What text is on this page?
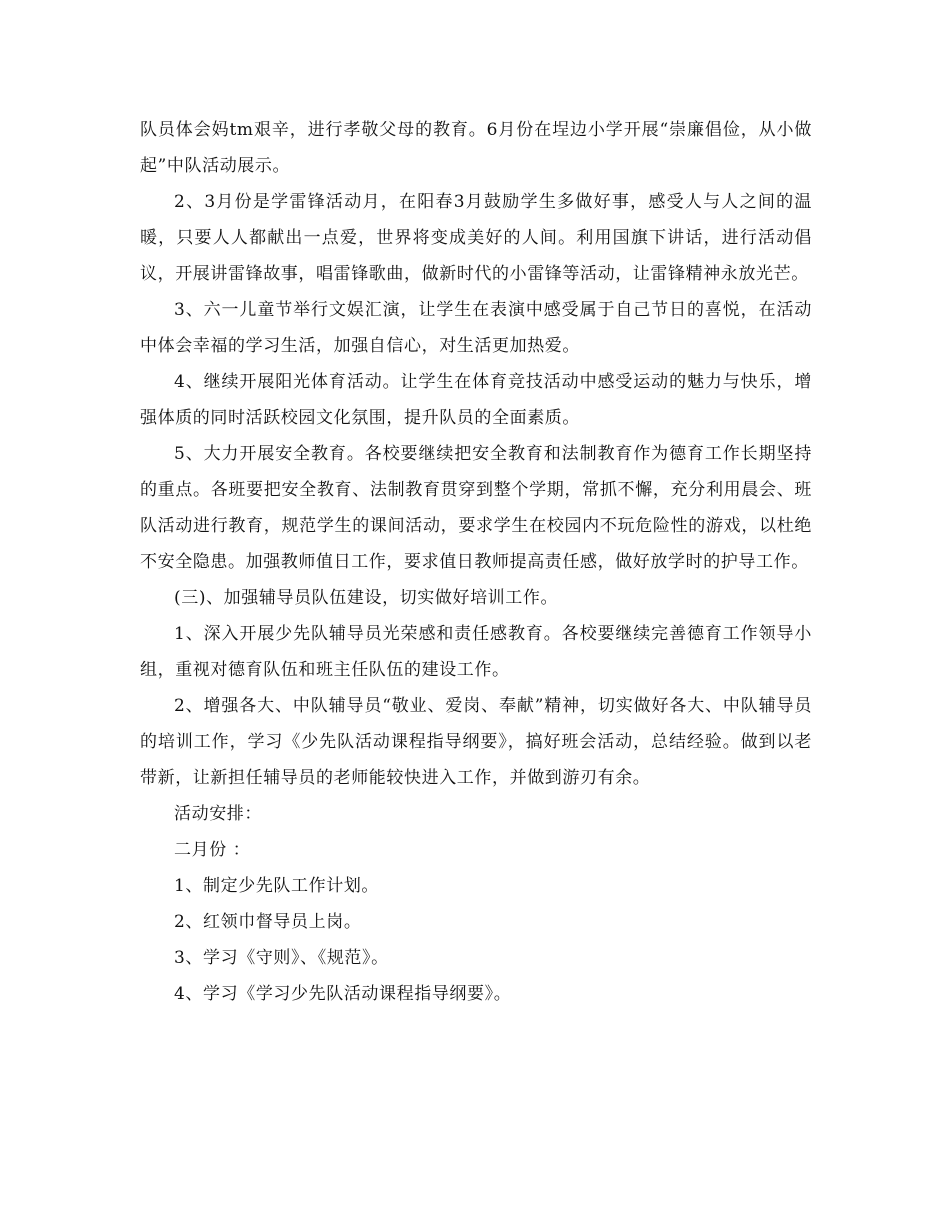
队员体会妈tm艰辛，进行孝敬父母的教育。6月份在埕边小学开展“崇廉倡俭，从小做起”中队活动展示。

2、3月份是学雷锋活动月，在阳春3月鼓励学生多做好事，感受人与人之间的温暖，只要人人都献出一点爱，世界将变成美好的人间。利用国旗下讲话，进行活动倡议，开展讲雷锋故事，唱雷锋歌曲，做新时代的小雷锋等活动，让雷锋精神永放光芒。

3、六一儿童节举行文娱汇演，让学生在表演中感受属于自己节日的喜悦，在活动中体会幸福的学习生活，加强自信心，对生活更加热爱。

4、继续开展阳光体育活动。让学生在体育竞技活动中感受运动的魅力与快乐，增强体质的同时活跃校园文化氛围，提升队员的全面素质。

5、大力开展安全教育。各校要继续把安全教育和法制教育作为德育工作长期坚持的重点。各班要把安全教育、法制教育贯穿到整个学期，常抓不懈，充分利用晨会、班队活动进行教育，规范学生的课间活动，要求学生在校园内不玩危险性的游戏，以杜绝不安全隐患。加强教师值日工作，要求值日教师提高责任感，做好放学时的护导工作。

(三)、加强辅导员队伍建设，切实做好培训工作。

1、深入开展少先队辅导员光荣感和责任感教育。各校要继续完善德育工作领导小组，重视对德育队伍和班主任队伍的建设工作。

2、增强各大、中队辅导员“敬业、爱岗、奉献”精神，切实做好各大、中队辅导员的培训工作，学习《少先队活动课程指导纲要》，搞好班会活动，总结经验。做到以老带新，让新担任辅导员的老师能较快进入工作，并做到游刃有余。

活动安排：

二月份 ：

1、制定少先队工作计划。

2、红领巾督导员上岗。

3、学习《守则》、《规范》。

4、学习《学习少先队活动课程指导纲要》。
